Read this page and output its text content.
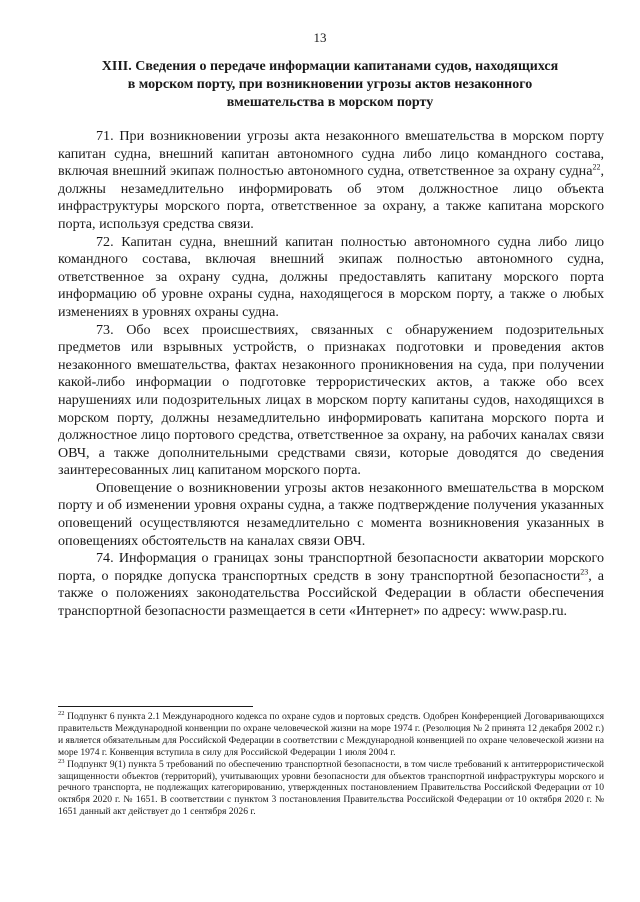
13
XIII. Сведения о передаче информации капитанами судов, находящихся
в морском порту, при возникновении угрозы актов незаконного
вмешательства в морском порту

71. При возникновении угрозы акта незаконного вмешательства в морском порту капитан судна, внешний капитан автономного судна либо лицо командного состава, включая внешний экипаж полностью автономного судна, ответственное за охрану судна$^{22}$, должны незамедлительно информировать об этом должностное лицо объекта инфраструктуры морского порта, ответственное за охрану, а также капитана морского порта, используя средства связи.

72. Капитан судна, внешний капитан полностью автономного судна либо лицо командного состава, включая внешний экипаж полностью автономного судна, ответственное за охрану судна, должны предоставлять капитану морского порта информацию об уровне охраны судна, находящегося в морском порту, а также о любых изменениях в уровнях охраны судна.

73. Обо всех происшествиях, связанных с обнаружением подозрительных предметов или взрывных устройств, о признаках подготовки и проведения актов незаконного вмешательства, фактах незаконного проникновения на суда, при получении какой-либо информации о подготовке террористических актов, а также обо всех нарушениях или подозрительных лицах в морском порту капитаны судов, находящихся в морском порту, должны незамедлительно информировать капитана морского порта и должностное лицо портового средства, ответственное за охрану, на рабочих каналах связи ОВЧ, а также дополнительными средствами связи, которые доводятся до сведения заинтересованных лиц капитаном морского порта.

Оповещение о возникновении угрозы актов незаконного вмешательства в морском порту и об изменении уровня охраны судна, а также подтверждение получения указанных оповещений осуществляются незамедлительно с момента возникновения указанных в оповещениях обстоятельств на каналах связи ОВЧ.

74. Информация о границах зоны транспортной безопасности акватории морского порта, о порядке допуска транспортных средств в зону транспортной безопасности$^{23}$, а также о положениях законодательства Российской Федерации в области обеспечения транспортной безопасности размещается в сети «Интернет» по адресу: www.pasp.ru.

$^{22}$ Подпункт 6 пункта 2.1 Международного кодекса по охране судов и портовых средств. Одобрен Конференцией Договаривающихся правительств Международной конвенции по охране человеческой жизни на море 1974 г. (Резолюция № 2 принята 12 декабря 2002 г.) и является обязательным для Российской Федерации в соответствии с Международной конвенцией по охране человеческой жизни на море 1974 г. Конвенция вступила в силу для Российской Федерации 1 июля 2004 г.

$^{23}$ Подпункт 9(1) пункта 5 требований по обеспечению транспортной безопасности, в том числе требований к антитеррористической защищенности объектов (территорий), учитывающих уровни безопасности для объектов транспортной инфраструктуры морского и речного транспорта, не подлежащих категорированию, утвержденных постановлением Правительства Российской Федерации от 10 октября 2020 г. № 1651. В соответствии с пунктом 3 постановления Правительства Российской Федерации от 10 октября 2020 г. № 1651 данный акт действует до 1 сентября 2026 г.
